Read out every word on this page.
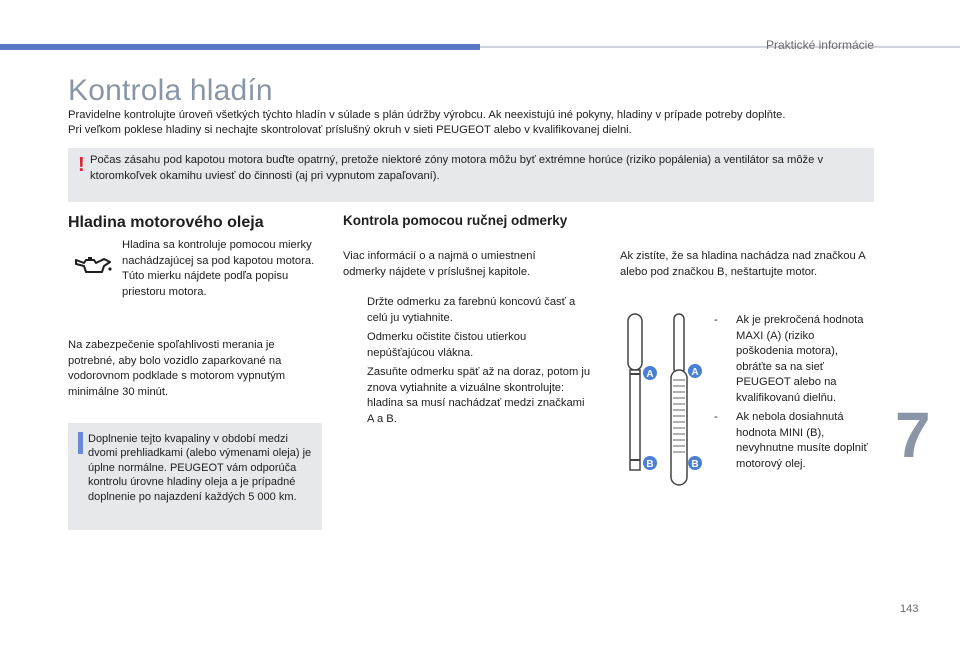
Praktické informácie
Kontrola hladín
Pravidelne kontrolujte úroveň všetkých týchto hladín v súlade s plán údržby výrobcu. Ak neexistujú iné pokyny, hladiny v prípade potreby doplňte.
Pri veľkom poklese hladiny si nechajte skontrolovať príslušný okruh v sieti PEUGEOT alebo v kvalifikovanej dielni.
! Počas zásahu pod kapotou motora buďte opatrný, pretože niektoré zóny motora môžu byť extrémne horúce (riziko popálenia) a ventilátor sa môže v ktoromkoľvek okamihu uviesť do činnosti (aj pri vypnutom zapaľovaní).
Hladina motorového oleja
Hladina sa kontroluje pomocou mierky nachádzajúcej sa pod kapotou motora. Túto mierku nájdete podľa popisu priestoru motora.
Na zabezpečenie spoľahlivosti merania je potrebné, aby bolo vozidlo zaparkované na vodorovnom podklade s motorom vypnutým minimálne 30 minút.
Doplnenie tejto kvapaliny v období medzi dvomi prehliadkami (alebo výmenami oleja) je úplne normálne. PEUGEOT vám odporúča kontrolu úrovne hladiny oleja a je prípadné doplnenie po najazdení každých 5 000 km.
Kontrola pomocou ručnej odmerky
Viac informácií o a najmä o umiestnení odmerky nájdete v príslušnej kapitole.
Držte odmerku za farebnú koncovú časť a celú ju vytiahnite.
Odmerku očistite čistou utierkou nepúšťajúcou vlákna.
Zasuňte odmerku späť až na doraz, potom ju znova vytiahnite a vizuálne skontrolujte: hladina sa musí nachádzať medzi značkami A a B.
Ak zistíte, že sa hladina nachádza nad značkou A alebo pod značkou B, neštartujte motor.
A	A
B	B
- Ak je prekročená hodnota MAXI (A) (riziko poškodenia motora), obráťte sa na sieť PEUGEOT alebo na kvalifikovanú dielňu.
- Ak nebola dosiahnutá hodnota MINI (B), nevyhnutne musíte doplniť motorový olej.	7
143
